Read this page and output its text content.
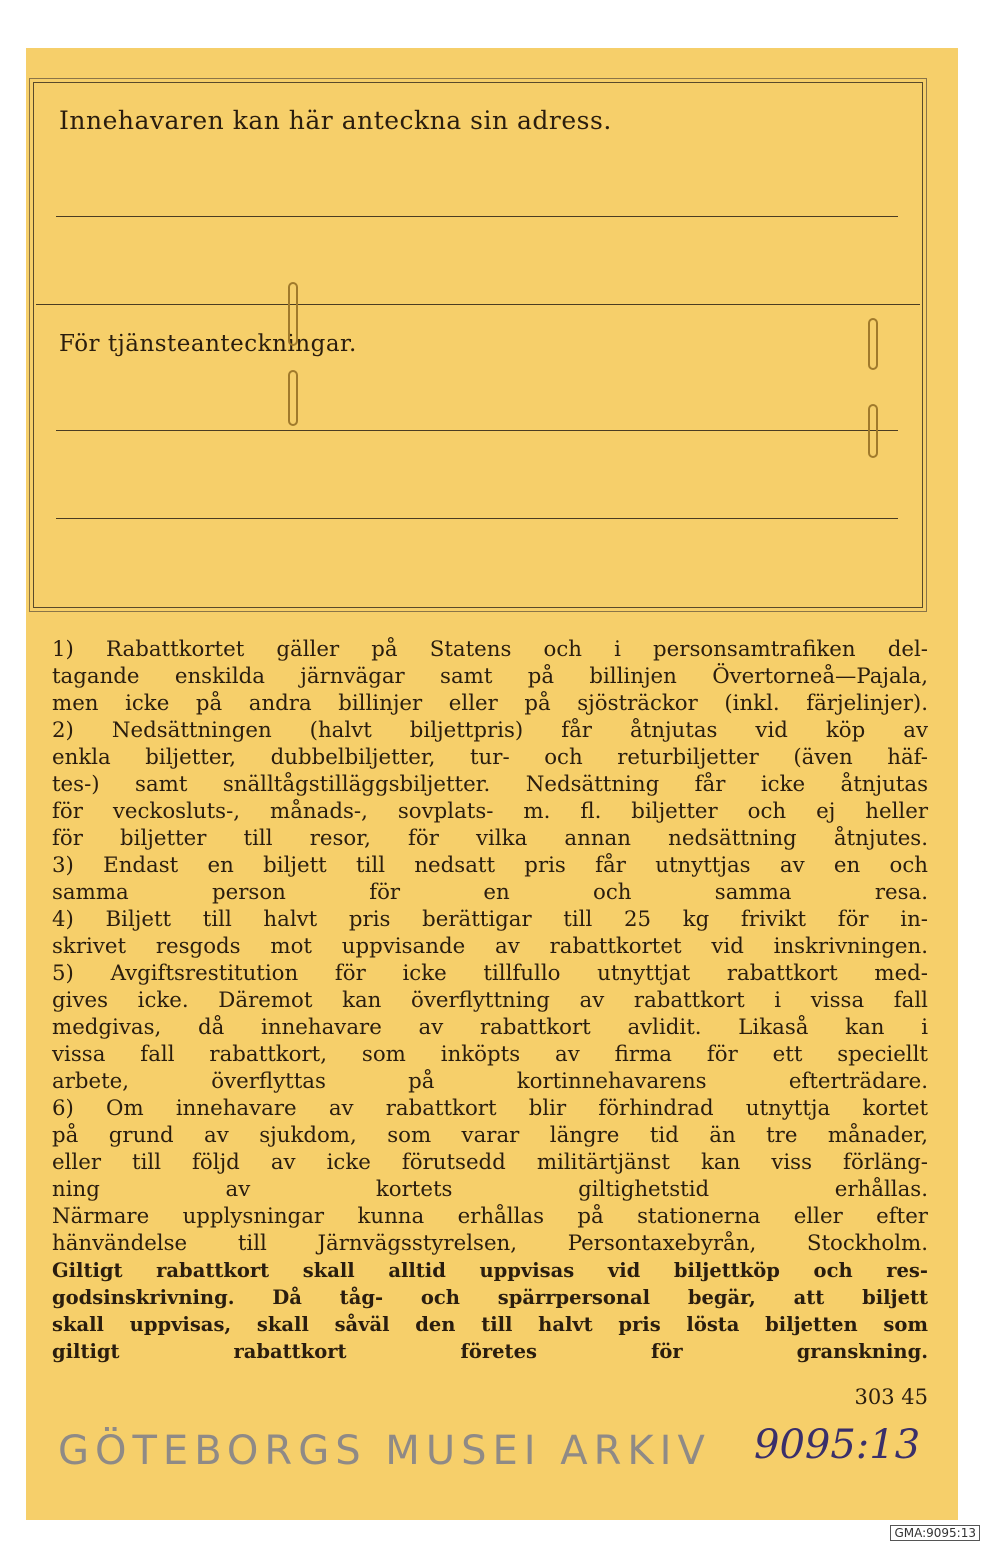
Innehavaren kan här anteckna sin adress.
För tjänsteanteckningar.
1) Rabattkortet gäller på Statens och i personsamtrafiken del-
tagande enskilda järnvägar samt på billinjen Övertorneå—Pajala,
men icke på andra billinjer eller på sjösträckor (inkl. färjelinjer).
2) Nedsättningen (halvt biljettpris) får åtnjutas vid köp av
enkla biljetter, dubbelbiljetter, tur- och returbiljetter (även häf-
tes-) samt snälltågstilläggsbiljetter. Nedsättning får icke åtnjutas
för veckosluts-, månads-, sovplats- m. fl. biljetter och ej heller
för biljetter till resor, för vilka annan nedsättning åtnjutes.
3) Endast en biljett till nedsatt pris får utnyttjas av en och
samma person för en och samma resa.
4) Biljett till halvt pris berättigar till 25 kg frivikt för in-
skrivet resgods mot uppvisande av rabattkortet vid inskrivningen.
5) Avgiftsrestitution för icke tillfullo utnyttjat rabattkort med-
gives icke. Däremot kan överflyttning av rabattkort i vissa fall
medgivas, då innehavare av rabattkort avlidit. Likaså kan i
vissa fall rabattkort, som inköpts av firma för ett speciellt
arbete, överflyttas på kortinnehavarens efterträdare.
6) Om innehavare av rabattkort blir förhindrad utnyttja kortet
på grund av sjukdom, som varar längre tid än tre månader,
eller till följd av icke förutsedd militärtjänst kan viss förläng-
ning av kortets giltighetstid erhållas.
Närmare upplysningar kunna erhållas på stationerna eller efter
hänvändelse till Järnvägsstyrelsen, Persontaxebyrån, Stockholm.
Giltigt rabattkort skall alltid uppvisas vid biljettköp och res-
godsinskrivning. Då tåg- och spärrpersonal begär, att biljett
skall uppvisas, skall såväl den till halvt pris lösta biljetten som
giltigt rabattkort företes för granskning.
303 45
GÖTEBORGS MUSEI ARKIV 9095:13
GMA:9095:13
